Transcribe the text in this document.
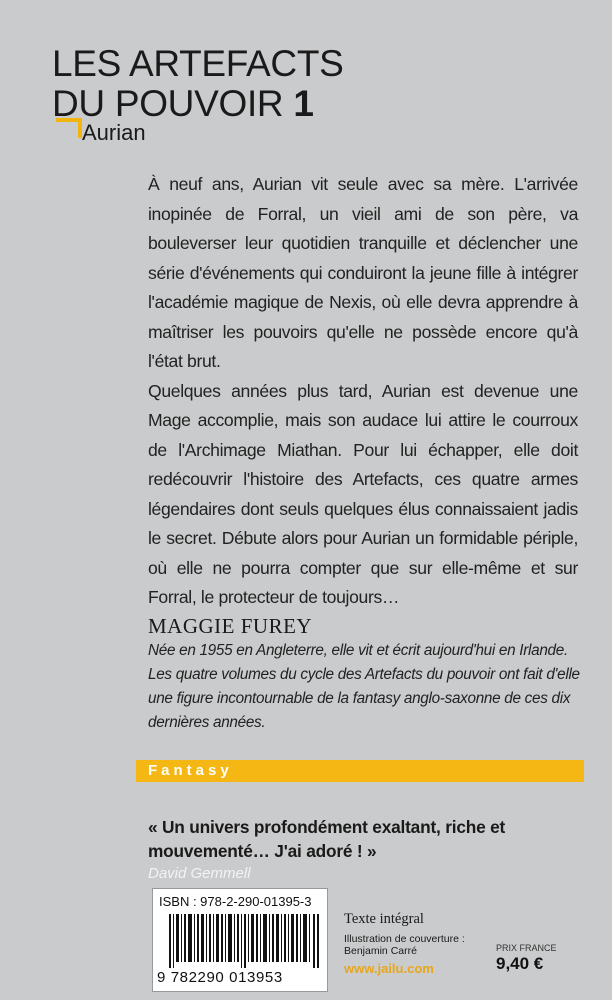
LES ARTEFACTS
DU POUVOIR 1
Aurian

À neuf ans, Aurian vit seule avec sa mère. L'arrivée inopinée de Forral, un vieil ami de son père, va bouleverser leur quotidien tranquille et déclencher une série d'événements qui conduiront la jeune fille à intégrer l'académie magique de Nexis, où elle devra apprendre à maîtriser les pouvoirs qu'elle ne possède encore qu'à l'état brut.

Quelques années plus tard, Aurian est devenue une Mage accomplie, mais son audace lui attire le courroux de l'Archimage Miathan. Pour lui échapper, elle doit redécouvrir l'histoire des Artefacts, ces quatre armes légendaires dont seuls quelques élus connaissaient jadis le secret. Débute alors pour Aurian un formidable périple, où elle ne pourra compter que sur elle-même et sur Forral, le protecteur de toujours…

MAGGIE FUREY
Née en 1955 en Angleterre, elle vit et écrit aujourd'hui en Irlande. Les quatre volumes du cycle des Artefacts du pouvoir ont fait d'elle une figure incontournable de la fantasy anglo-saxonne de ces dix dernières années.
Fantasy
« Un univers profondément exaltant, riche et mouvementé… J'ai adoré ! »
David Gemmell
ISBN : 978-2-290-01395-3
9 782290 013953
Texte intégral
Illustration de couverture :
Benjamin Carré
www.jailu.com
PRIX FRANCE
9,40 €
